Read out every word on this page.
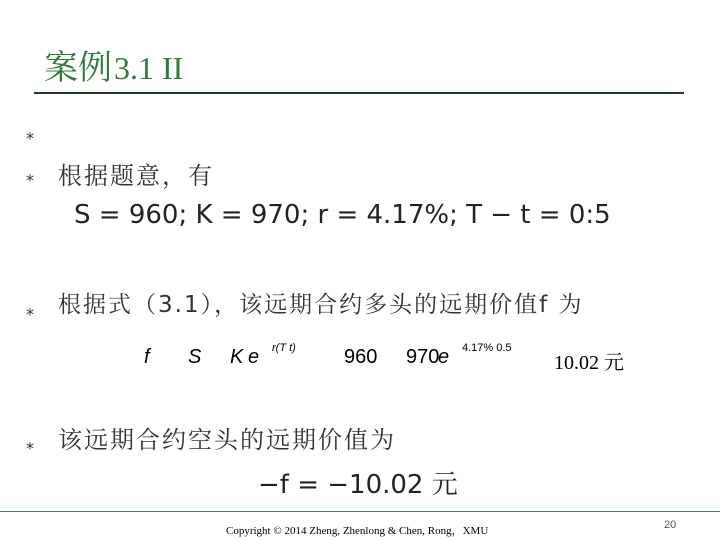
案例3.1 II
⁎
⁎ 根据题意，有
S = 960; K = 970; r = 4.17%; T − t = 0:5
⁎ 根据式（3.1），该远期合约多头的远期价值f 为
f S K e r(T t) 960 970
e 4.17% 0.5
10.02 元
⁎ 该远期合约空头的远期价值为
−f = −10.02 元
Copyright © 2014 Zheng, Zhenlong & Chen, Rong，XMU	20
